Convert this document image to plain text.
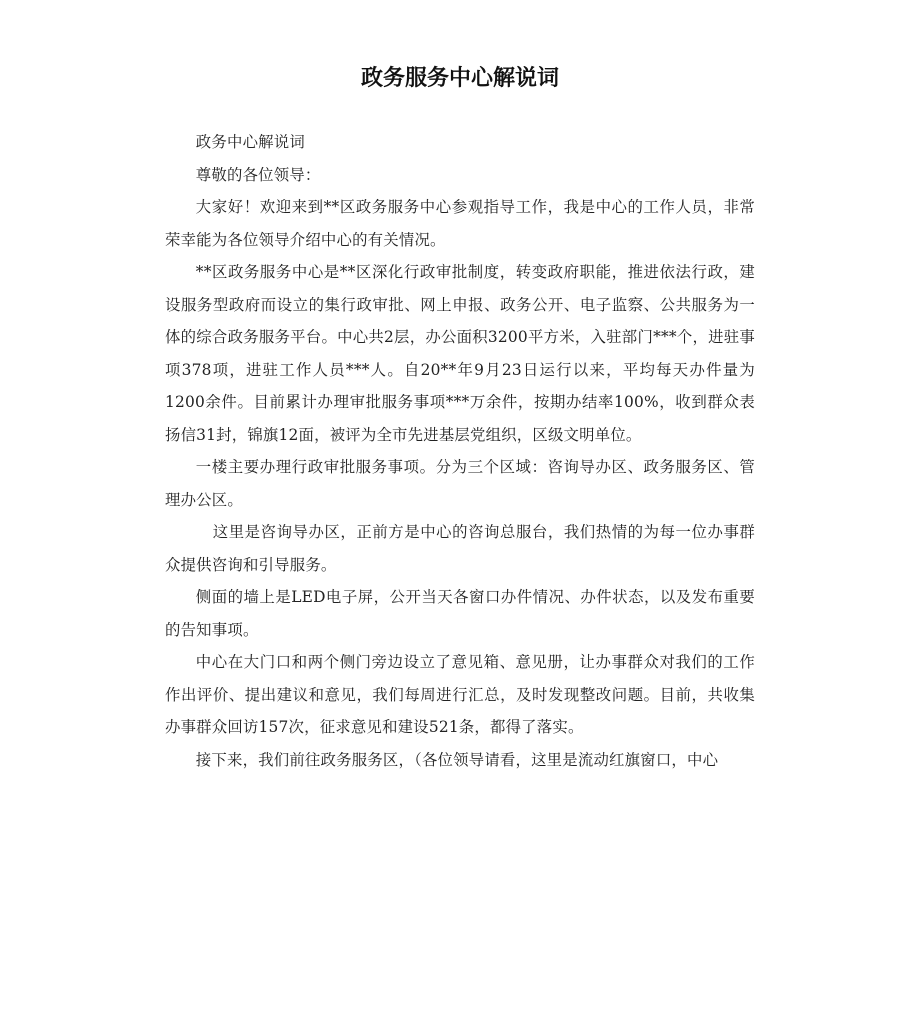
政务服务中心解说词

政务中心解说词

尊敬的各位领导：

大家好！欢迎来到**区政务服务中心参观指导工作，我是中心的工作人员，非常荣幸能为各位领导介绍中心的有关情况。

**区政务服务中心是**区深化行政审批制度，转变政府职能，推进依法行政，建设服务型政府而设立的集行政审批、网上申报、政务公开、电子监察、公共服务为一体的综合政务服务平台。中心共2层，办公面积3200平方米，入驻部门***个，进驻事项378项，进驻工作人员***人。自20**年9月23日运行以来，平均每天办件量为1200余件。目前累计办理审批服务事项***万余件，按期办结率100%，收到群众表扬信31封，锦旗12面，被评为全市先进基层党组织，区级文明单位。

一楼主要办理行政审批服务事项。分为三个区域：咨询导办区、政务服务区、管理办公区。

这里是咨询导办区，正前方是中心的咨询总服台，我们热情的为每一位办事群众提供咨询和引导服务。

侧面的墙上是LED电子屏，公开当天各窗口办件情况、办件状态，以及发布重要的告知事项。

中心在大门口和两个侧门旁边设立了意见箱、意见册，让办事群众对我们的工作作出评价、提出建议和意见，我们每周进行汇总，及时发现整改问题。目前，共收集办事群众回访157次，征求意见和建设521条，都得了落实。

接下来，我们前往政务服务区，（各位领导请看，这里是流动红旗窗口，中心
